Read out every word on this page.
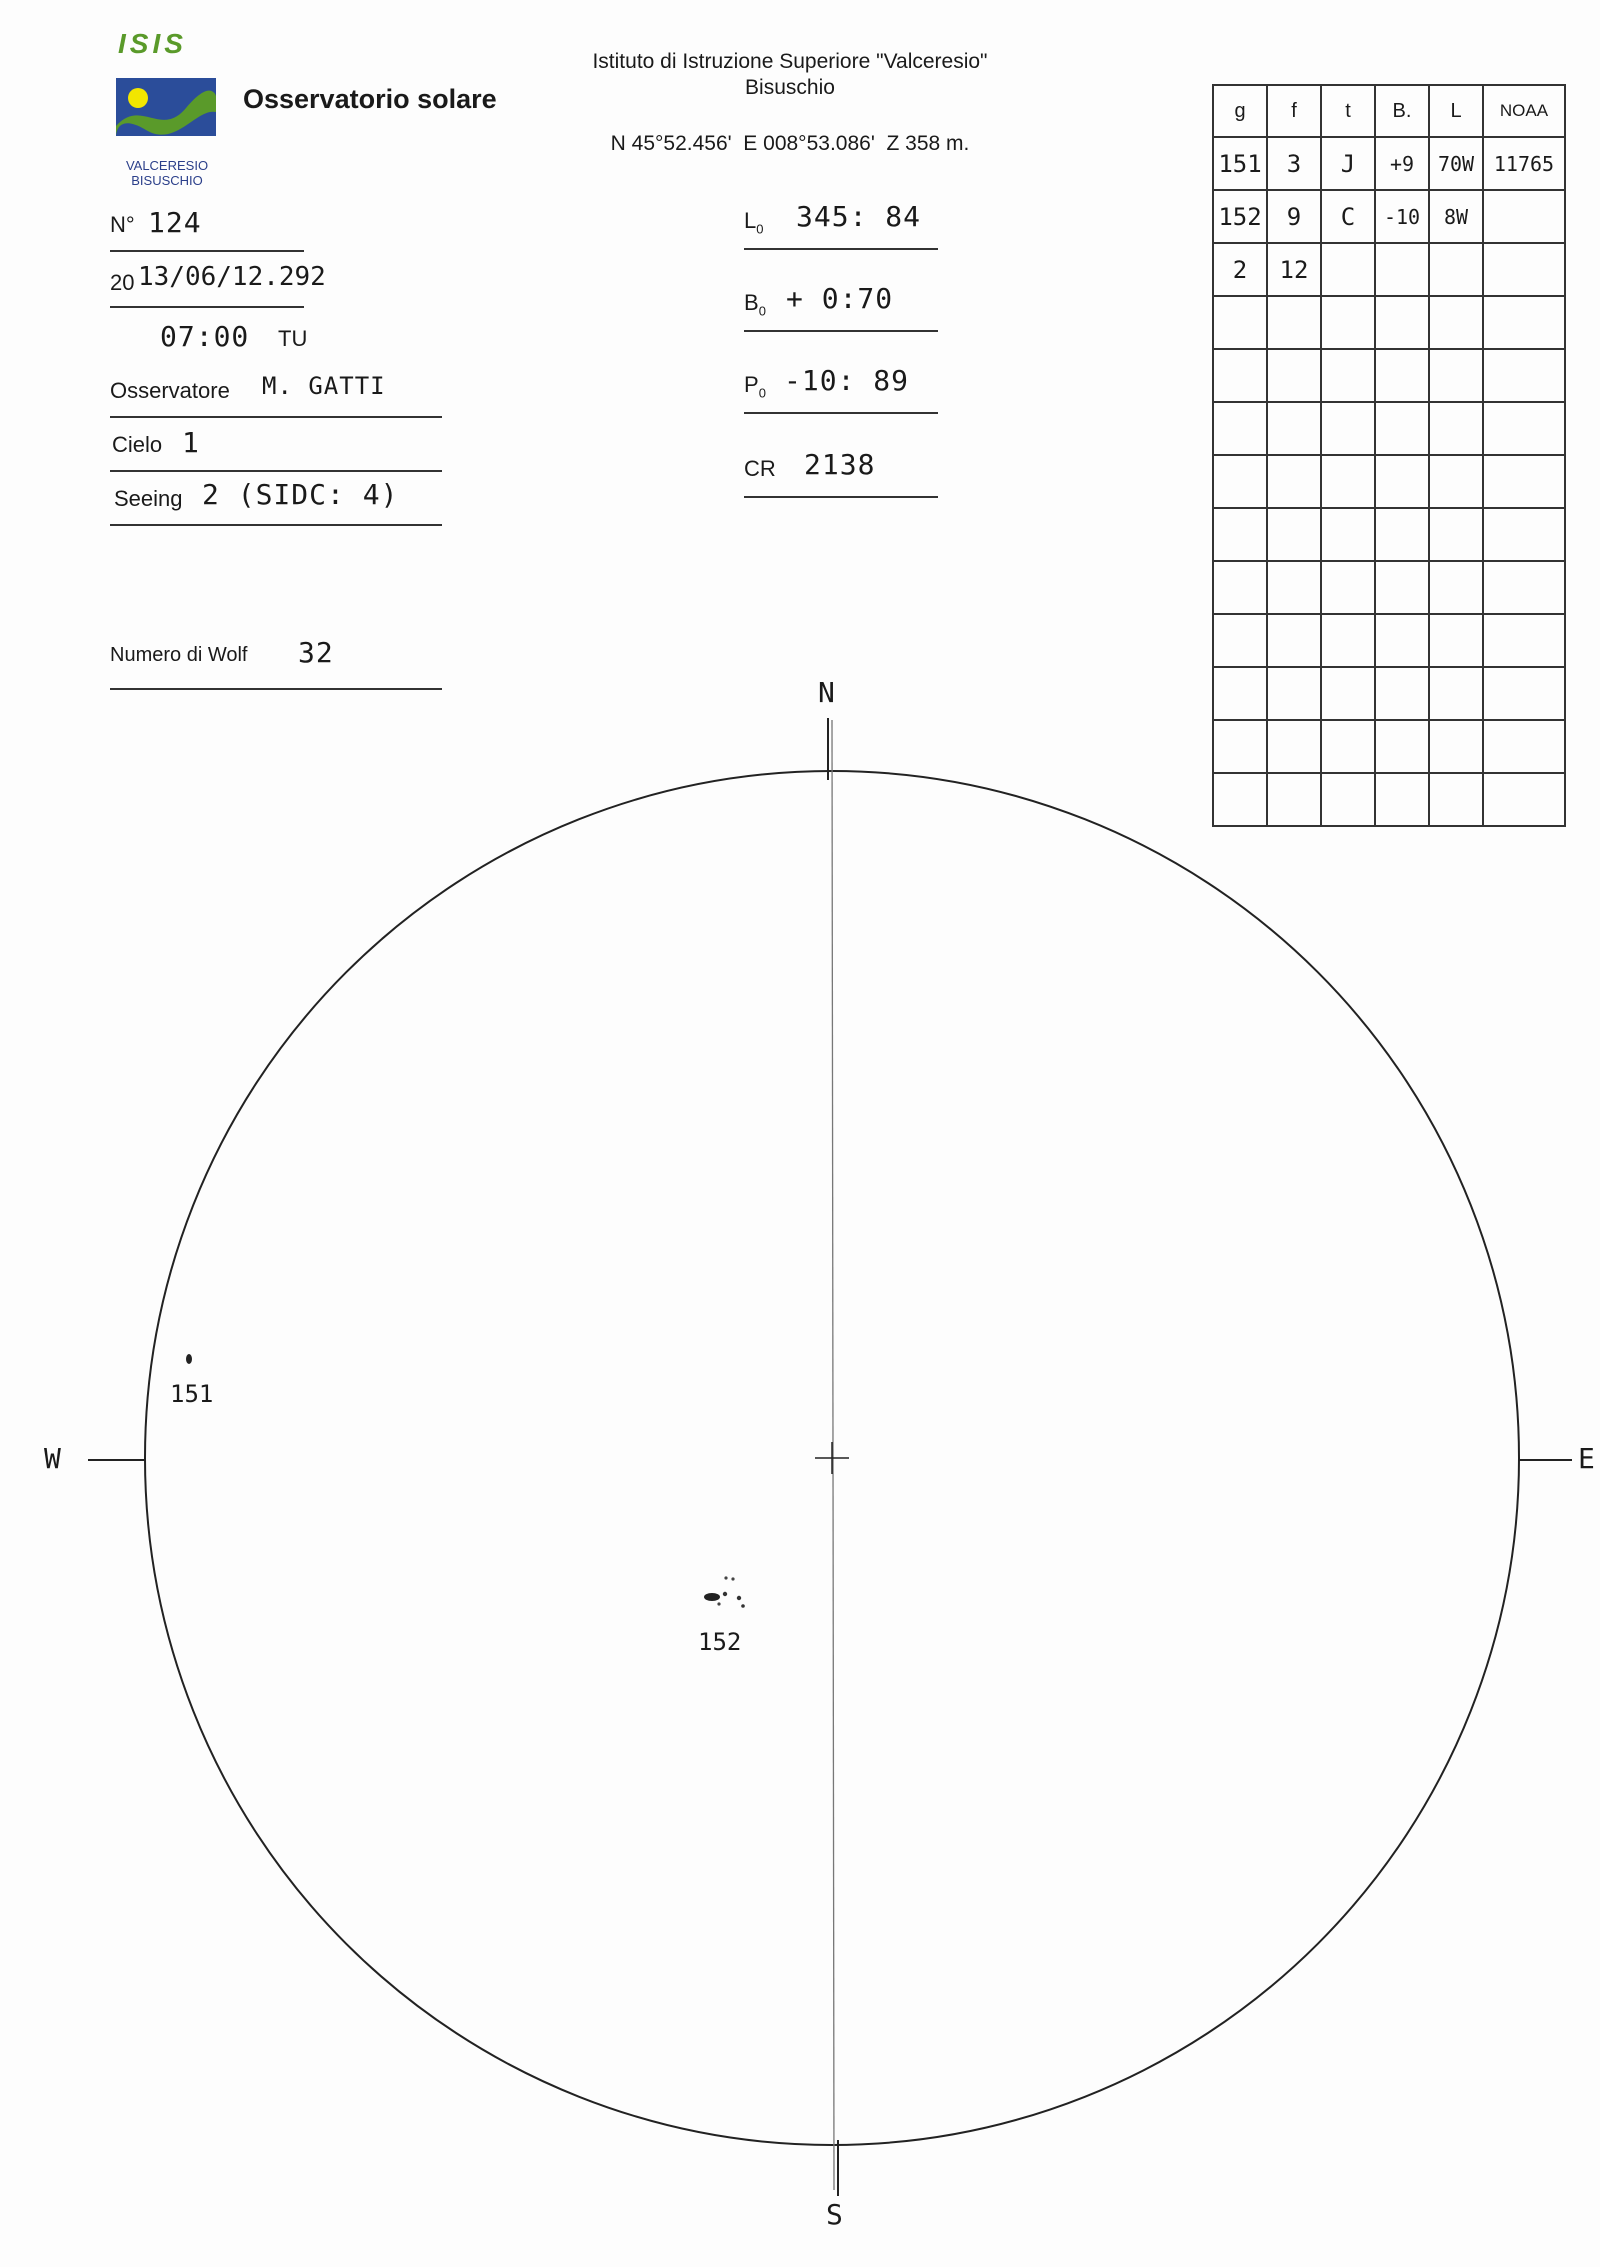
ISIS
VALCERESIO
BISUSCHIO
Osservatorio solare
Istituto di Istruzione Superiore "Valceresio"
Bisuschio
N 45°52.456'  E 008°53.086'  Z 358 m.
N° 124
20 13/06/12.292
07:00 TU
Osservatore M. GATTI
Cielo 1
Seeing 2 (SIDC: 4)
Numero di Wolf 32
$L_0$ 345: 84
$B_0$ + 0:70
$P_0$ -10: 89
CR 2138
g	f	t	B.	L	NOAA
151	3	J	+9	70W	11765
152	9	C	-10	8W	
2	12				

N
S
W	E
151
152
